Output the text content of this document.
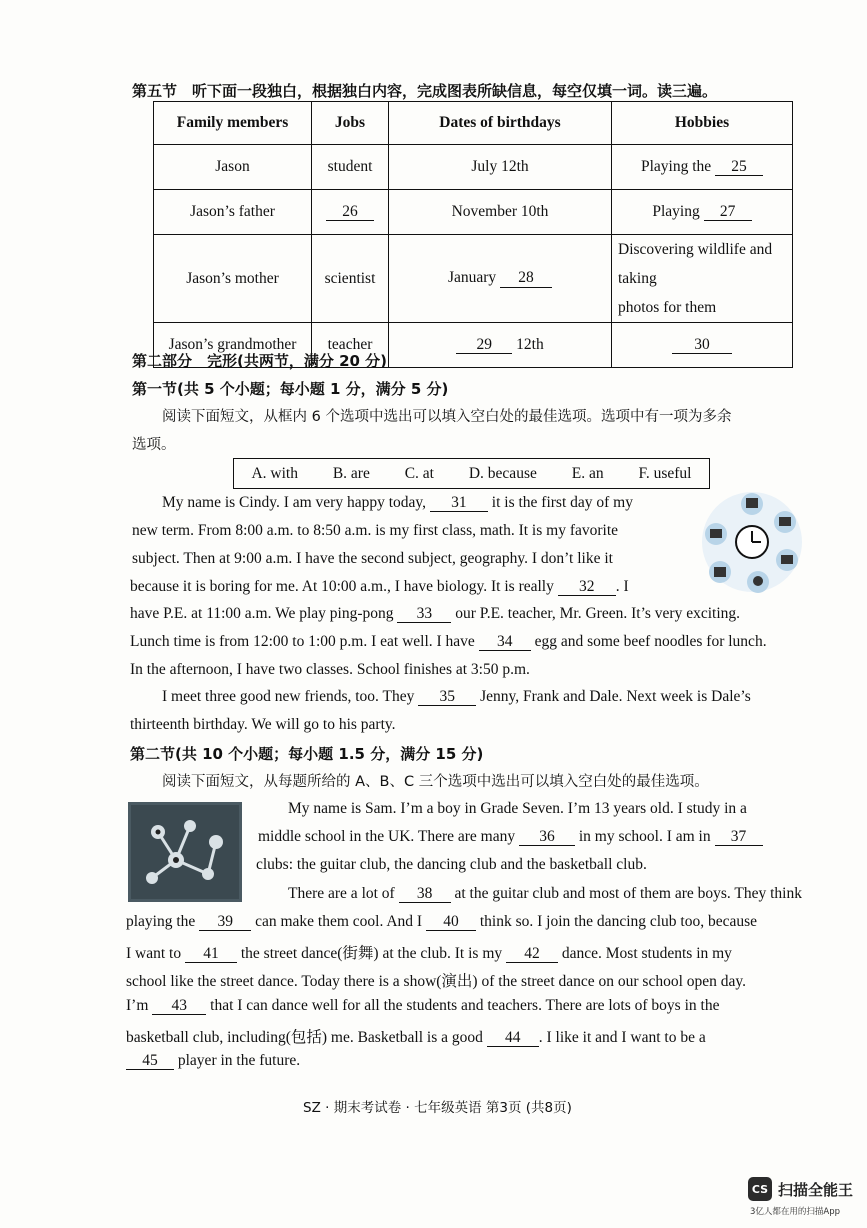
第五节　听下面一段独白，根据独白内容，完成图表所缺信息，每空仅填一词。读三遍。
Family members	Jobs	Dates of birthdays	Hobbies
Jason	student	July 12th	Playing the 25
Jason’s father	26	November 10th	Playing 27
Jason’s mother	scientist	January 28	Discovering wildlife and taking
photos for them
Jason’s grandmother	teacher	29 12th	30
第二部分　完形(共两节，满分 20 分)
第一节(共 5 个小题；每小题 1 分，满分 5 分)
阅读下面短文，从框内 6 个选项中选出可以填入空白处的最佳选项。选项中有一项为多余
选项。
A. with B. are C. at D. because E. an F. useful
My name is Cindy. I am very happy today, 31 it is the first day of my
new term. From 8:00 a.m. to 8:50 a.m. is my first class, math. It is my favorite
subject. Then at 9:00 a.m. I have the second subject, geography. I don’t like it
because it is boring for me. At 10:00 a.m., I have biology. It is really 32 . I
have P.E. at 11:00 a.m. We play ping-pong 33 our P.E. teacher, Mr. Green. It’s very exciting.
Lunch time is from 12:00 to 1:00 p.m. I eat well. I have 34 egg and some beef noodles for lunch.
In the afternoon, I have two classes. School finishes at 3:50 p.m.
I meet three good new friends, too. They 35 Jenny, Frank and Dale. Next week is Dale’s
thirteenth birthday. We will go to his party.
第二节(共 10 个小题；每小题 1.5 分，满分 15 分)
阅读下面短文，从每题所给的 A、B、C 三个选项中选出可以填入空白处的最佳选项。
My name is Sam. I’m a boy in Grade Seven. I’m 13 years old. I study in a
middle school in the UK. There are many 36 in my school. I am in 37
clubs: the guitar club, the dancing club and the basketball club.
There are a lot of 38 at the guitar club and most of them are boys. They think
playing the 39 can make them cool. And I 40 think so. I join the dancing club too, because
I want to 41 the street dance(街舞) at the club. It is my 42 dance. Most students in my
school like the street dance. Today there is a show(演出) of the street dance on our school open day.
I’m 43 that I can dance well for all the students and teachers. There are lots of boys in the
basketball club, including(包括) me. Basketball is a good 44 . I like it and I want to be a
45 player in the future.
SZ · 期末考试卷 · 七年级英语 第3页 (共8页)
CS 扫描全能王
3亿人都在用的扫描App
